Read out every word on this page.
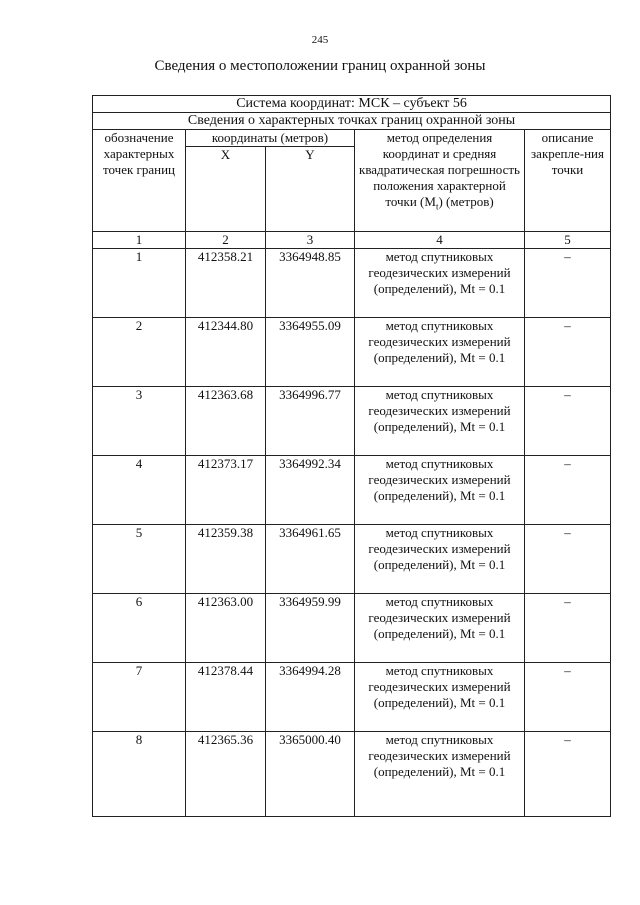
245
Сведения о местоположении границ охранной зоны
Система координат: МСК – субъект 56				
Сведения о характерных точках границ охранной зоны				
обозначение характерных точек границ	координаты (метров)		метод определения координат и средняя квадратическая погрешность положения характерной точки $(M_t)$ (метров)	описание закрепле-ния точки
	X	Y		
1	2	3	4	5
1	412358.21	3364948.85	метод спутниковых геодезических измерений (определений), Mt = 0.1	–
2	412344.80	3364955.09	метод спутниковых геодезических измерений (определений), Mt = 0.1	–
3	412363.68	3364996.77	метод спутниковых геодезических измерений (определений), Mt = 0.1	–
4	412373.17	3364992.34	метод спутниковых геодезических измерений (определений), Mt = 0.1	–
5	412359.38	3364961.65	метод спутниковых геодезических измерений (определений), Mt = 0.1	–
6	412363.00	3364959.99	метод спутниковых геодезических измерений (определений), Mt = 0.1	–
7	412378.44	3364994.28	метод спутниковых геодезических измерений (определений), Mt = 0.1	–
8	412365.36	3365000.40	метод спутниковых геодезических измерений (определений), Mt = 0.1	–
